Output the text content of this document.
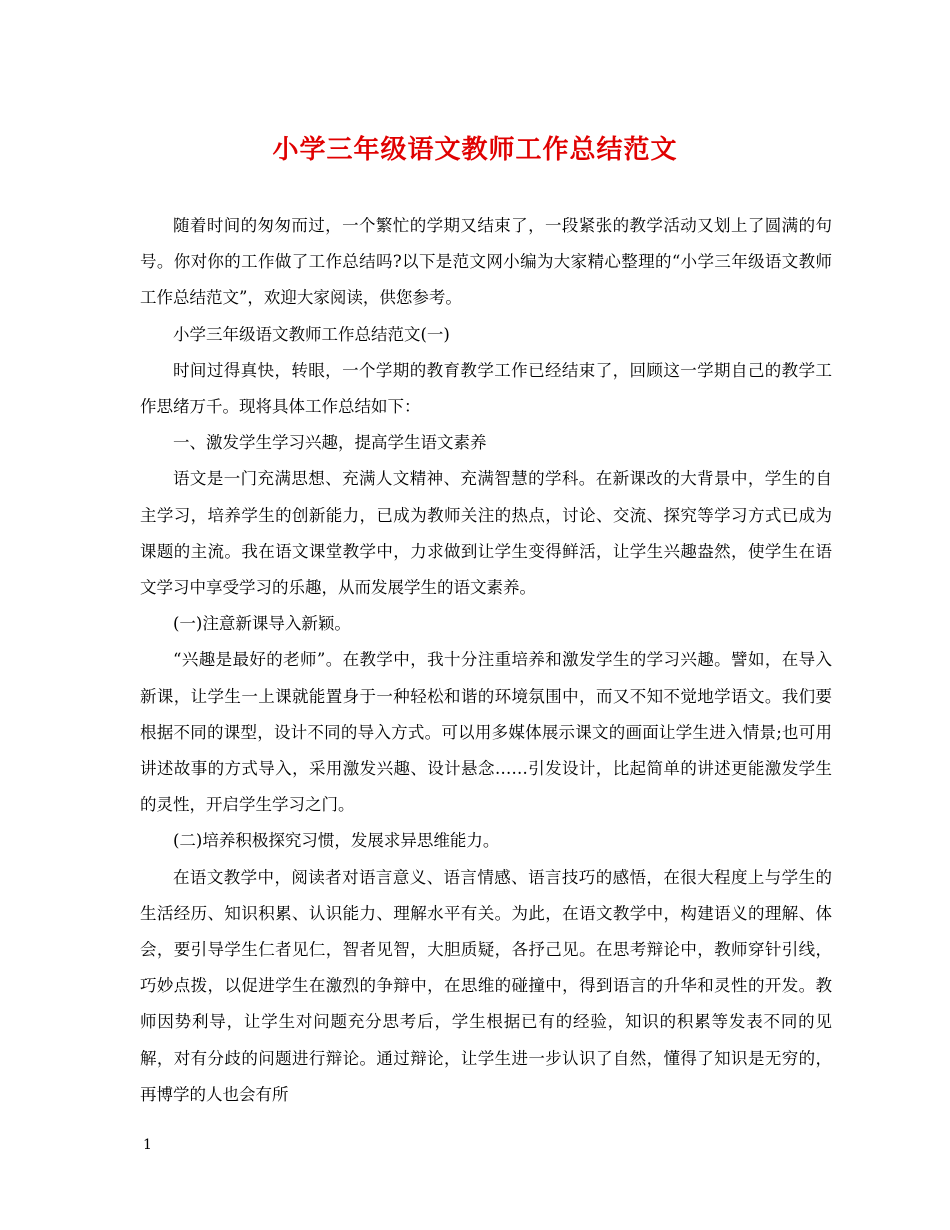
小学三年级语文教师工作总结范文

随着时间的匆匆而过，一个繁忙的学期又结束了，一段紧张的教学活动又划上了圆满的句号。你对你的工作做了工作总结吗?以下是范文网小编为大家精心整理的“小学三年级语文教师工作总结范文”，欢迎大家阅读，供您参考。

小学三年级语文教师工作总结范文(一)

时间过得真快，转眼，一个学期的教育教学工作已经结束了，回顾这一学期自己的教学工作思绪万千。现将具体工作总结如下：

一、激发学生学习兴趣，提高学生语文素养

语文是一门充满思想、充满人文精神、充满智慧的学科。在新课改的大背景中，学生的自主学习，培养学生的创新能力，已成为教师关注的热点，讨论、交流、探究等学习方式已成为课题的主流。我在语文课堂教学中，力求做到让学生变得鲜活，让学生兴趣盎然，使学生在语文学习中享受学习的乐趣，从而发展学生的语文素养。

(一)注意新课导入新颖。

“兴趣是最好的老师”。在教学中，我十分注重培养和激发学生的学习兴趣。譬如，在导入新课，让学生一上课就能置身于一种轻松和谐的环境氛围中，而又不知不觉地学语文。我们要根据不同的课型，设计不同的导入方式。可以用多媒体展示课文的画面让学生进入情景;也可用讲述故事的方式导入，采用激发兴趣、设计悬念……引发设计，比起简单的讲述更能激发学生的灵性，开启学生学习之门。

(二)培养积极探究习惯，发展求异思维能力。

在语文教学中，阅读者对语言意义、语言情感、语言技巧的感悟，在很大程度上与学生的生活经历、知识积累、认识能力、理解水平有关。为此，在语文教学中，构建语义的理解、体会，要引导学生仁者见仁，智者见智，大胆质疑，各抒己见。在思考辩论中，教师穿针引线，巧妙点拨，以促进学生在激烈的争辩中，在思维的碰撞中，得到语言的升华和灵性的开发。教师因势利导，让学生对问题充分思考后，学生根据已有的经验，知识的积累等发表不同的见解，对有分歧的问题进行辩论。通过辩论，让学生进一步认识了自然，懂得了知识是无穷的，再博学的人也会有所

1
